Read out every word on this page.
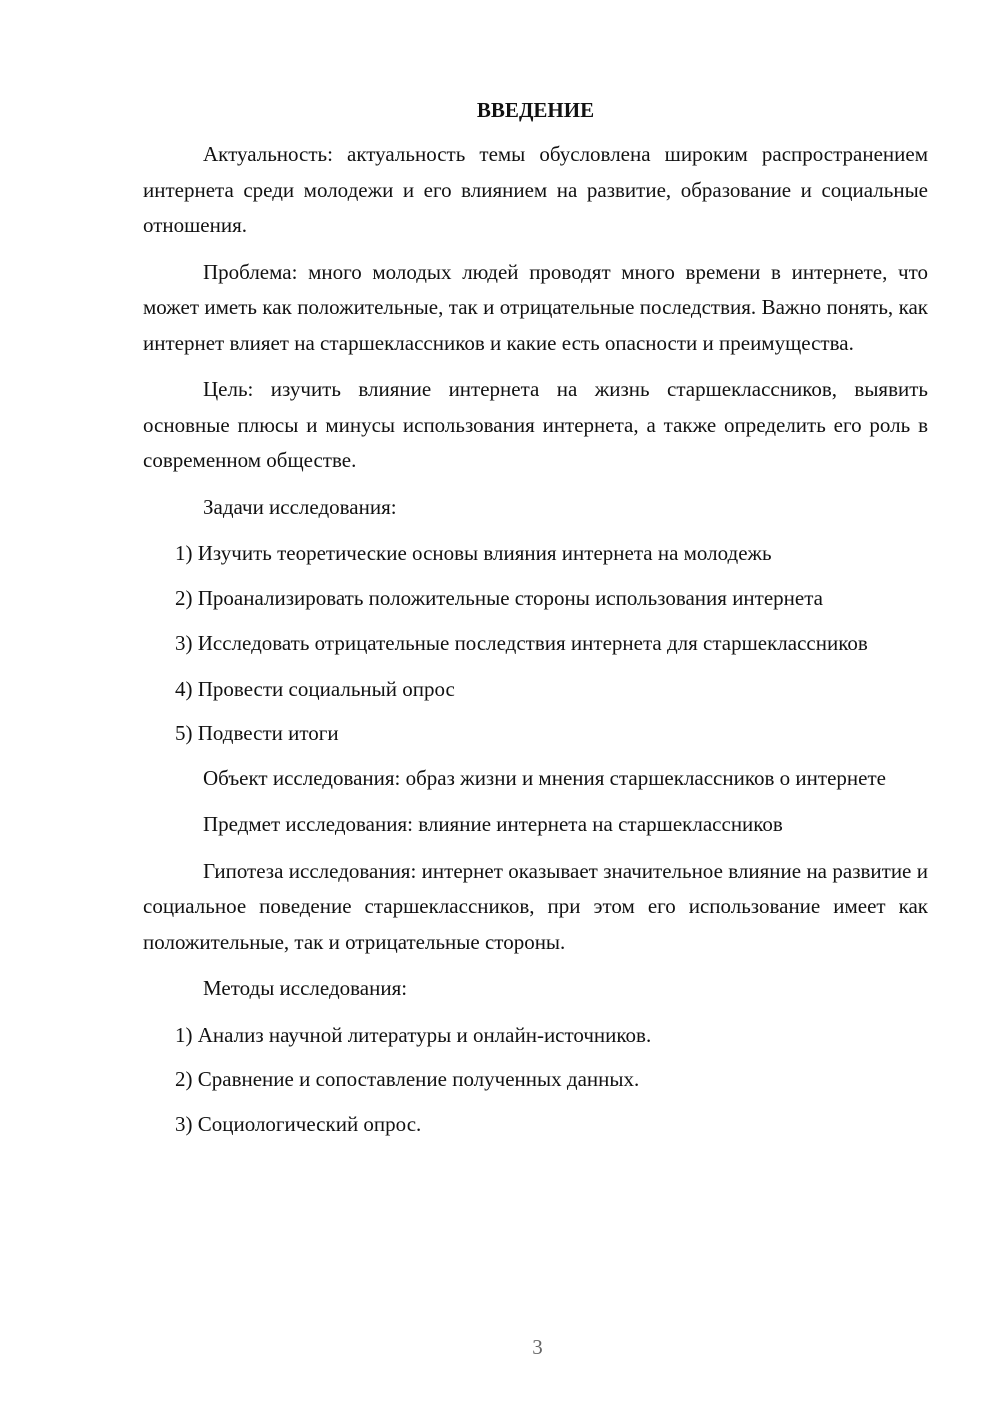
ВВЕДЕНИЕ

Актуальность: актуальность темы обусловлена широким распространением интернета среди молодежи и его влиянием на развитие, образование и социальные отношения.

Проблема: много молодых людей проводят много времени в интернете, что может иметь как положительные, так и отрицательные последствия. Важно понять, как интернет влияет на старшеклассников и какие есть опасности и преимущества.

Цель: изучить влияние интернета на жизнь старшеклассников, выявить основные плюсы и минусы использования интернета, а также определить его роль в современном обществе.

Задачи исследования:

1) Изучить теоретические основы влияния интернета на молодежь

2) Проанализировать положительные стороны использования интернета

3) Исследовать отрицательные последствия интернета для старшеклассников

4) Провести социальный опрос

5) Подвести итоги

Объект исследования: образ жизни и мнения старшеклассников о интернете

Предмет исследования: влияние интернета на старшеклассников

Гипотеза исследования: интернет оказывает значительное влияние на развитие и социальное поведение старшеклассников, при этом его использование имеет как положительные, так и отрицательные стороны.

Методы исследования:

1) Анализ научной литературы и онлайн-источников.

2) Сравнение и сопоставление полученных данных.

3) Социологический опрос.

3
